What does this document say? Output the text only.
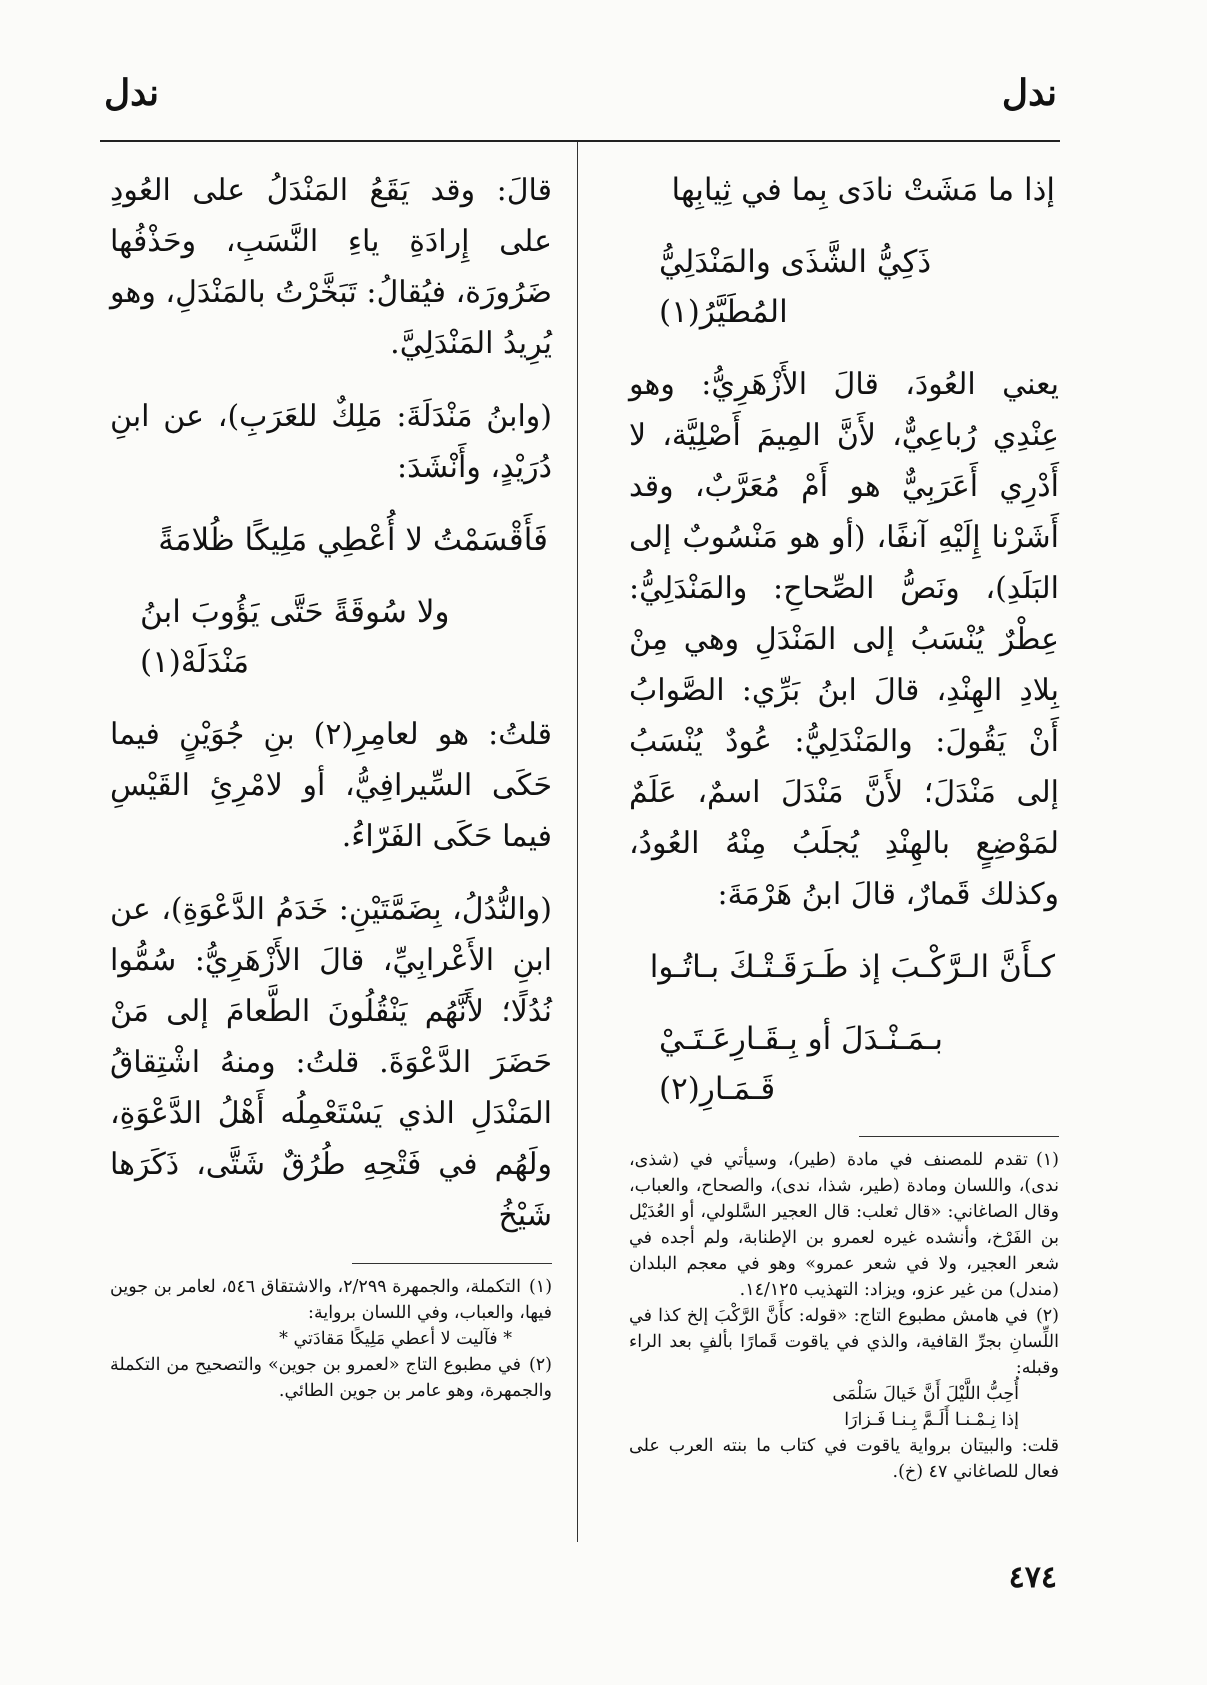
ندل
ندل
إذا ما مَشَتْ نادَى بِما في ثِيابِها
ذَكِيُّ الشَّذَى والمَنْدَلِيُّ المُطَيَّرُ(١)

يعني العُودَ، قالَ الأَزْهَرِيُّ: وهو عِنْدِي رُباعِيٌّ، لأَنَّ المِيمَ أَصْلِيَّة، لا أَدْرِي أَعَرَبِيٌّ هو أَمْ مُعَرَّبٌ، وقد أَشَرْنا إِلَيْهِ آنفًا، (أو هو مَنْسُوبٌ إلى البَلَدِ)، ونَصُّ الصِّحاحِ: والمَنْدَلِيُّ: عِطْرٌ يُنْسَبُ إلى المَنْدَلِ وهي مِنْ بِلادِ الهِنْدِ، قالَ ابنُ بَرِّي: الصَّوابُ أَنْ يَقُولَ: والمَنْدَلِيُّ: عُودٌ يُنْسَبُ إلى مَنْدَلَ؛ لأَنَّ مَنْدَلَ اسمٌ، عَلَمٌ لمَوْضِعٍ بالهِنْدِ يُجلَبُ مِنْهُ العُودُ، وكذلك قَمارٌ، قالَ ابنُ هَرْمَةَ:

كـأَنَّ الـرَّكْـبَ إذ طَـرَقَـتْـكَ بـاتُـوا
بـمَـنْـدَلَ أو بِـقَـارِعَـتَـيْ قَـمَـارِ(٢)

(١)تقدم للمصنف في مادة (طير)، وسيأتي في (شذى، ندى)، واللسان ومادة (طير، شذا، ندى)، والصحاح، والعباب، وقال الصاغاني: «قال ثعلب: قال العجير السَّلولي، أو العُدَيْل بن الفَرْخ، وأنشده غيره لعمرو بن الإطنابة، ولم أجده في شعر العجير، ولا في شعر عمرو» وهو في معجم البلدان (مندل) من غير عزو، ويزاد: التهذيب ١٤/١٢٥.

(٢)في هامش مطبوع التاج: «قوله: كأَنَّ الرَّكْبَ إلخ كذا في اللِّسانِ بجرِّ القافية، والذي في ياقوت قَمارًا بألفٍ بعد الراء وقبله:

أُحِبُّ اللَّيْلَ أَنَّ خَيالَ سَلْمَى

إذا نِـمْـنـا أَلَـمَّ بِـنـا فَـزارَا

قلت: والبيتان برواية ياقوت في كتاب ما بنته العرب على فعال للصاغاني ٤٧ (خ).

قالَ: وقد يَقَعُ المَنْدَلُ على العُودِ على إِرادَةِ ياءِ النَّسَبِ، وحَذْفُها ضَرُورَة، فيُقالُ: تَبَخَّرْتُ بالمَنْدَلِ، وهو يُرِيدُ المَنْدَلِيَّ.

(وابنُ مَنْدَلَةَ: مَلِكٌ للعَرَبِ)، عن ابنِ دُرَيْدٍ، وأَنْشَدَ:

فَأَقْسَمْتُ لا أُعْطِي مَلِيكًا ظُلامَةً
ولا سُوقَةً حَتَّى يَؤُوبَ ابنُ مَنْدَلَهْ(١)

قلتُ: هو لعامِرِ(٢) بنِ جُوَيْنٍ فيما حَكَى السِّيرافِيُّ، أو لامْرِئِ القَيْسِ فيما حَكَى الفَرّاءُ.

(والنُّدُلُ، بِضَمَّتَيْنِ: خَدَمُ الدَّعْوَةِ)، عن ابنِ الأَعْرابِيِّ، قالَ الأَزْهَرِيُّ: سُمُّوا نُدُلًا؛ لأَنَّهُم يَنْقُلُونَ الطَّعامَ إلى مَنْ حَضَرَ الدَّعْوَةَ. قلتُ: ومنهُ اشْتِقاقُ المَنْدَلِ الذي يَسْتَعْمِلُه أَهْلُ الدَّعْوَةِ، ولَهُم في فَتْحِهِ طُرُقٌ شَتَّى، ذَكَرَها شَيْخُ

(١)التكملة، والجمهرة ٢/٢٩٩، والاشتقاق ٥٤٦، لعامر بن جوين فيها، والعباب، وفي اللسان برواية:

* فآليت لا أعطي مَلِيكًا مَقادَتي *

(٢)في مطبوع التاج «لعمرو بن جوين» والتصحيح من التكملة والجمهرة، وهو عامر بن جوين الطائي.

٤٧٤
